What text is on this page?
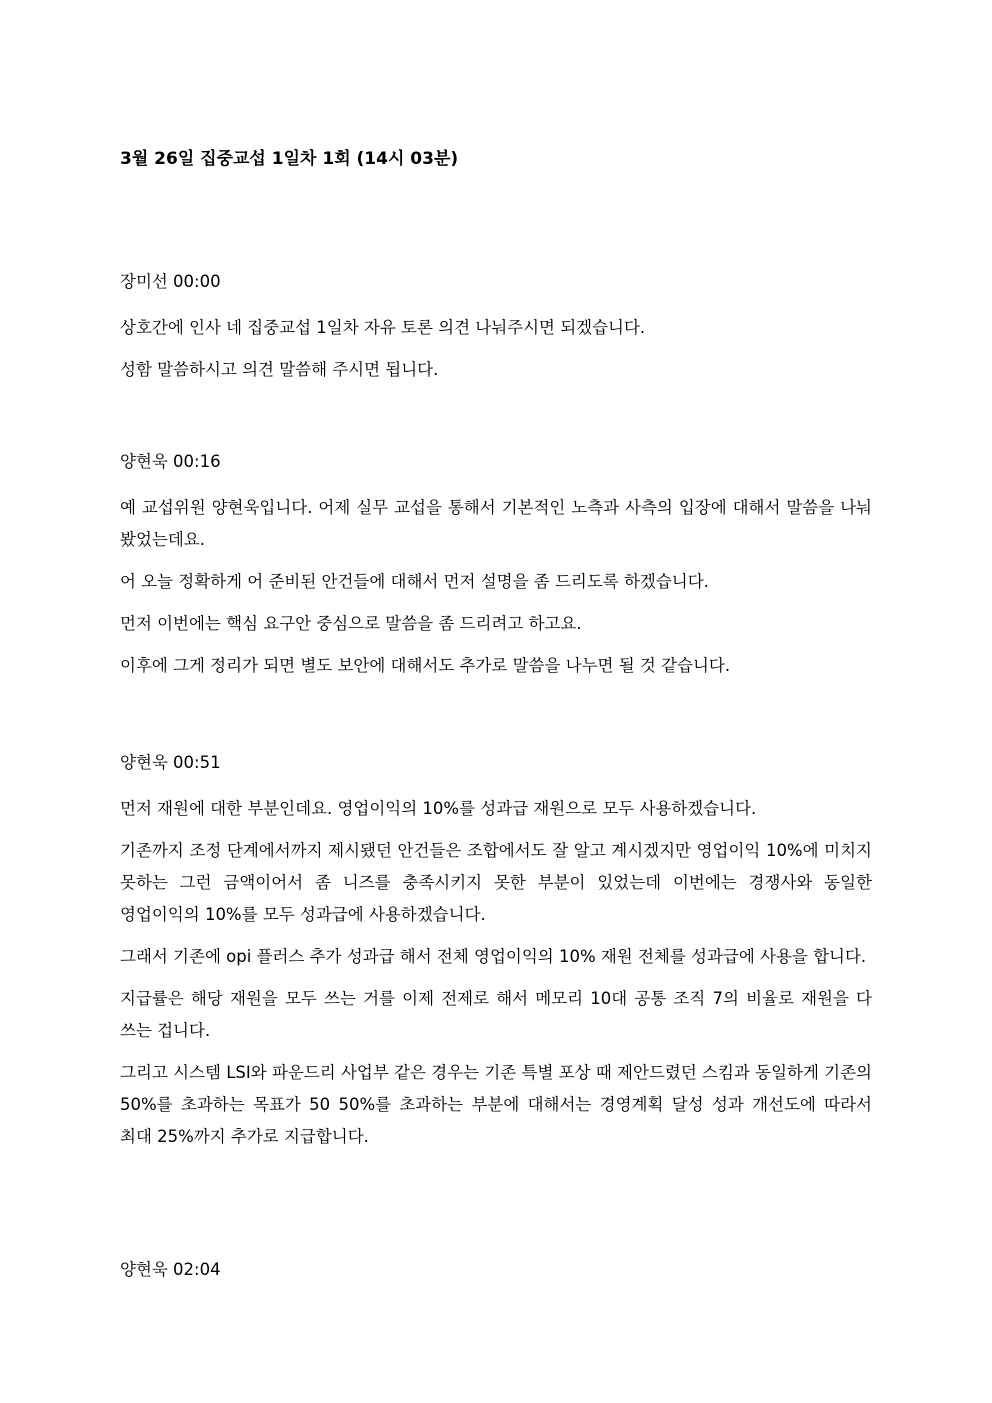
3월 26일 집중교섭 1일차 1회 (14시 03분)
장미선 00:00
상호간에 인사 네 집중교섭 1일차 자유 토론 의견 나눠주시면 되겠습니다.
성함 말씀하시고 의견 말씀해 주시면 됩니다.
양현욱 00:16
예 교섭위원 양현욱입니다. 어제 실무 교섭을 통해서 기본적인 노측과 사측의 입장에 대해서 말씀을 나눠 봤었는데요.
어 오늘 정확하게 어 준비된 안건들에 대해서 먼저 설명을 좀 드리도록 하겠습니다.
먼저 이번에는 핵심 요구안 중심으로 말씀을 좀 드리려고 하고요.
이후에 그게 정리가 되면 별도 보안에 대해서도 추가로 말씀을 나누면 될 것 같습니다.
양현욱 00:51
먼저 재원에 대한 부분인데요. 영업이익의 10%를 성과급 재원으로 모두 사용하겠습니다.
기존까지 조정 단계에서까지 제시됐던 안건들은 조합에서도 잘 알고 계시겠지만 영업이익 10%에 미치지 못하는 그런 금액이어서 좀 니즈를 충족시키지 못한 부분이 있었는데 이번에는 경쟁사와 동일한 영업이익의 10%를 모두 성과급에 사용하겠습니다.
그래서 기존에 opi 플러스 추가 성과급 해서 전체 영업이익의 10% 재원 전체를 성과급에 사용을 합니다.
지급률은 해당 재원을 모두 쓰는 거를 이제 전제로 해서 메모리 10대 공통 조직 7의 비율로 재원을 다 쓰는 겁니다.
그리고 시스템 LSI와 파운드리 사업부 같은 경우는 기존 특별 포상 때 제안드렸던 스킴과 동일하게 기존의 50%를 초과하는 목표가 50 50%를 초과하는 부분에 대해서는 경영계획 달성 성과 개선도에 따라서 최대 25%까지 추가로 지급합니다.
양현욱 02:04
